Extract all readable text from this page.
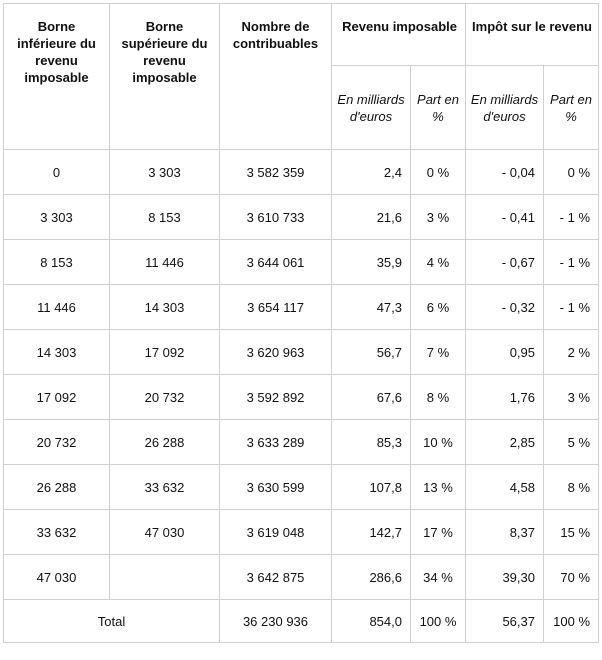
Borne inférieure du revenu imposable	Borne supérieure du revenu imposable	Nombre de contribuables	Revenu imposable		Impôt sur le revenu	
			En milliards d'euros	Part en %	En milliards d'euros	Part en %
0	3 303	3 582 359	2,4	0 %	- 0,04	0 %
3 303	8 153	3 610 733	21,6	3 %	- 0,41	- 1 %
8 153	11 446	3 644 061	35,9	4 %	- 0,67	- 1 %
11 446	14 303	3 654 117	47,3	6 %	- 0,32	- 1 %
14 303	17 092	3 620 963	56,7	7 %	0,95	2 %
17 092	20 732	3 592 892	67,6	8 %	1,76	3 %
20 732	26 288	3 633 289	85,3	10 %	2,85	5 %
26 288	33 632	3 630 599	107,8	13 %	4,58	8 %
33 632	47 030	3 619 048	142,7	17 %	8,37	15 %
47 030		3 642 875	286,6	34 %	39,30	70 %
Total		36 230 936	854,0	100 %	56,37	100 %
